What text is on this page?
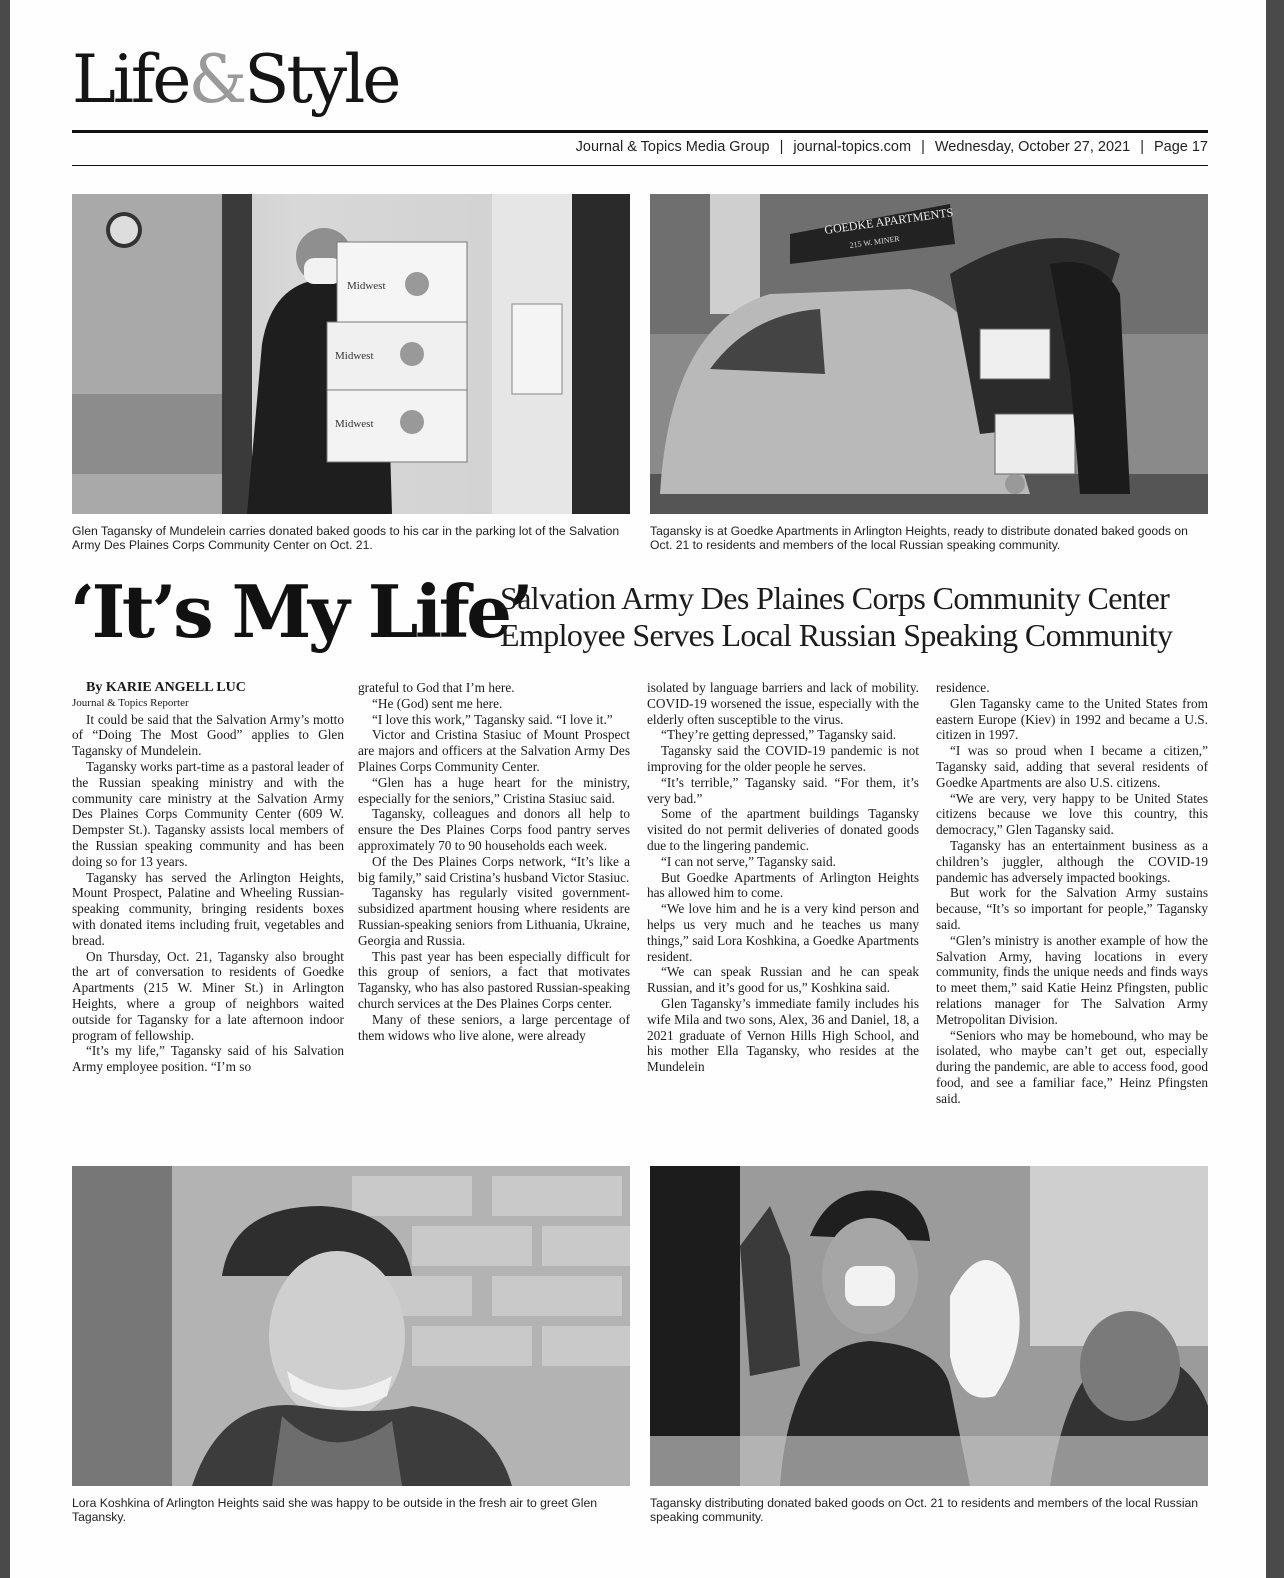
Life&Style
Journal & Topics Media Group | journal-topics.com | Wednesday, October 27, 2021 | Page 17
Midwest
Midwest
Midwest
Glen Tagansky of Mundelein carries donated baked goods to his car in the parking lot of the Salvation Army Des Plaines Corps Community Center on Oct. 21.
GOEDKE APARTMENTS
215 W. MINER
Tagansky is at Goedke Apartments in Arlington Heights, ready to distribute donated baked goods on Oct. 21 to residents and members of the local Russian speaking community.
‘It’s My Life’
Salvation Army Des Plaines Corps Community Center
Employee Serves Local Russian Speaking Community

By KARIE ANGELL LUC

Journal & Topics Reporter

It could be said that the Salvation Army’s motto of “Doing The Most Good” applies to Glen Tagansky of Mundelein.

Tagansky works part-time as a pastoral leader of the Russian speaking ministry and with the community care ministry at the Salvation Army Des Plaines Corps Community Center (609 W. Dempster St.). Tagansky assists local members of the Russian speaking community and has been doing so for 13 years.

Tagansky has served the Arlington Heights, Mount Prospect, Palatine and Wheeling Russian-speaking community, bringing residents boxes with donated items including fruit, vegetables and bread.

On Thursday, Oct. 21, Tagansky also brought the art of conversation to residents of Goedke Apartments (215 W. Miner St.) in Arlington Heights, where a group of neighbors waited outside for Tagansky for a late afternoon indoor program of fellowship.

“It’s my life,” Tagansky said of his Salvation Army employee position. “I’m so

grateful to God that I’m here.

“He (God) sent me here.

“I love this work,” Tagansky said. “I love it.”

Victor and Cristina Stasiuc of Mount Prospect are majors and officers at the Salvation Army Des Plaines Corps Community Center.

“Glen has a huge heart for the ministry, especially for the seniors,” Cristina Stasiuc said.

Tagansky, colleagues and donors all help to ensure the Des Plaines Corps food pantry serves approximately 70 to 90 households each week.

Of the Des Plaines Corps network, “It’s like a big family,” said Cristina’s husband Victor Stasiuc.

Tagansky has regularly visited government-subsidized apartment housing where residents are Russian-speaking seniors from Lithuania, Ukraine, Georgia and Russia.

This past year has been especially difficult for this group of seniors, a fact that motivates Tagansky, who has also pastored Russian-speaking church services at the Des Plaines Corps center.

Many of these seniors, a large percentage of them widows who live alone, were already

isolated by language barriers and lack of mobility. COVID-19 worsened the issue, especially with the elderly often susceptible to the virus.

“They’re getting depressed,” Tagansky said.

Tagansky said the COVID-19 pandemic is not improving for the older people he serves.

“It’s terrible,” Tagansky said. “For them, it’s very bad.”

Some of the apartment buildings Tagansky visited do not permit deliveries of donated goods due to the lingering pandemic.

“I can not serve,” Tagansky said.

But Goedke Apartments of Arlington Heights has allowed him to come.

“We love him and he is a very kind person and helps us very much and he teaches us many things,” said Lora Koshkina, a Goedke Apartments resident.

“We can speak Russian and he can speak Russian, and it’s good for us,” Koshkina said.

Glen Tagansky’s immediate family includes his wife Mila and two sons, Alex, 36 and Daniel, 18, a 2021 graduate of Vernon Hills High School, and his mother Ella Tagansky, who resides at the Mundelein

residence.

Glen Tagansky came to the United States from eastern Europe (Kiev) in 1992 and became a U.S. citizen in 1997.

“I was so proud when I became a citizen,” Tagansky said, adding that several residents of Goedke Apartments are also U.S. citizens.

“We are very, very happy to be United States citizens because we love this country, this democracy,” Glen Tagansky said.

Tagansky has an entertainment business as a children’s juggler, although the COVID-19 pandemic has adversely impacted bookings.

But work for the Salvation Army sustains because, “It’s so important for people,” Tagansky said.

“Glen’s ministry is another example of how the Salvation Army, having locations in every community, finds the unique needs and finds ways to meet them,” said Katie Heinz Pfingsten, public relations manager for The Salvation Army Metropolitan Division.

“Seniors who may be homebound, who may be isolated, who maybe can’t get out, especially during the pandemic, are able to access food, good food, and see a familiar face,” Heinz Pfingsten said.

Lora Koshkina of Arlington Heights said she was happy to be outside in the fresh air to greet Glen Tagansky.
Tagansky distributing donated baked goods on Oct. 21 to residents and members of the local Russian speaking community.
